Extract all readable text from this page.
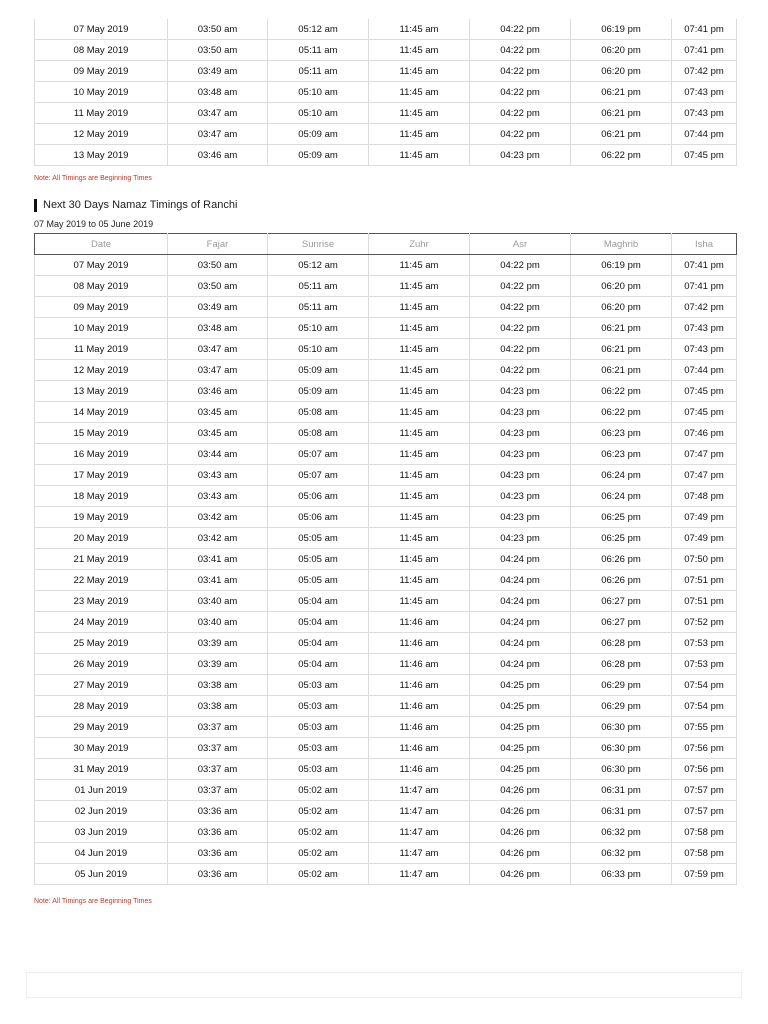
07 May 2019	03:50 am	05:12 am	11:45 am	04:22 pm	06:19 pm	07:41 pm
08 May 2019	03:50 am	05:11 am	11:45 am	04:22 pm	06:20 pm	07:41 pm
09 May 2019	03:49 am	05:11 am	11:45 am	04:22 pm	06:20 pm	07:42 pm
10 May 2019	03:48 am	05:10 am	11:45 am	04:22 pm	06:21 pm	07:43 pm
11 May 2019	03:47 am	05:10 am	11:45 am	04:22 pm	06:21 pm	07:43 pm
12 May 2019	03:47 am	05:09 am	11:45 am	04:22 pm	06:21 pm	07:44 pm
13 May 2019	03:46 am	05:09 am	11:45 am	04:23 pm	06:22 pm	07:45 pm
Note: All Timings are Beginning Times
Next 30 Days Namaz Timings of Ranchi
07 May 2019 to 05 June 2019
Date	Fajar	Sunrise	Zuhr	Asr	Maghrib	Isha
07 May 2019	03:50 am	05:12 am	11:45 am	04:22 pm	06:19 pm	07:41 pm
08 May 2019	03:50 am	05:11 am	11:45 am	04:22 pm	06:20 pm	07:41 pm
09 May 2019	03:49 am	05:11 am	11:45 am	04:22 pm	06:20 pm	07:42 pm
10 May 2019	03:48 am	05:10 am	11:45 am	04:22 pm	06:21 pm	07:43 pm
11 May 2019	03:47 am	05:10 am	11:45 am	04:22 pm	06:21 pm	07:43 pm
12 May 2019	03:47 am	05:09 am	11:45 am	04:22 pm	06:21 pm	07:44 pm
13 May 2019	03:46 am	05:09 am	11:45 am	04:23 pm	06:22 pm	07:45 pm
14 May 2019	03:45 am	05:08 am	11:45 am	04:23 pm	06:22 pm	07:45 pm
15 May 2019	03:45 am	05:08 am	11:45 am	04:23 pm	06:23 pm	07:46 pm
16 May 2019	03:44 am	05:07 am	11:45 am	04:23 pm	06:23 pm	07:47 pm
17 May 2019	03:43 am	05:07 am	11:45 am	04:23 pm	06:24 pm	07:47 pm
18 May 2019	03:43 am	05:06 am	11:45 am	04:23 pm	06:24 pm	07:48 pm
19 May 2019	03:42 am	05:06 am	11:45 am	04:23 pm	06:25 pm	07:49 pm
20 May 2019	03:42 am	05:05 am	11:45 am	04:23 pm	06:25 pm	07:49 pm
21 May 2019	03:41 am	05:05 am	11:45 am	04:24 pm	06:26 pm	07:50 pm
22 May 2019	03:41 am	05:05 am	11:45 am	04:24 pm	06:26 pm	07:51 pm
23 May 2019	03:40 am	05:04 am	11:45 am	04:24 pm	06:27 pm	07:51 pm
24 May 2019	03:40 am	05:04 am	11:46 am	04:24 pm	06:27 pm	07:52 pm
25 May 2019	03:39 am	05:04 am	11:46 am	04:24 pm	06:28 pm	07:53 pm
26 May 2019	03:39 am	05:04 am	11:46 am	04:24 pm	06:28 pm	07:53 pm
27 May 2019	03:38 am	05:03 am	11:46 am	04:25 pm	06:29 pm	07:54 pm
28 May 2019	03:38 am	05:03 am	11:46 am	04:25 pm	06:29 pm	07:54 pm
29 May 2019	03:37 am	05:03 am	11:46 am	04:25 pm	06:30 pm	07:55 pm
30 May 2019	03:37 am	05:03 am	11:46 am	04:25 pm	06:30 pm	07:56 pm
31 May 2019	03:37 am	05:03 am	11:46 am	04:25 pm	06:30 pm	07:56 pm
01 Jun 2019	03:37 am	05:02 am	11:47 am	04:26 pm	06:31 pm	07:57 pm
02 Jun 2019	03:36 am	05:02 am	11:47 am	04:26 pm	06:31 pm	07:57 pm
03 Jun 2019	03:36 am	05:02 am	11:47 am	04:26 pm	06:32 pm	07:58 pm
04 Jun 2019	03:36 am	05:02 am	11:47 am	04:26 pm	06:32 pm	07:58 pm
05 Jun 2019	03:36 am	05:02 am	11:47 am	04:26 pm	06:33 pm	07:59 pm
Note: All Timings are Beginning Times
